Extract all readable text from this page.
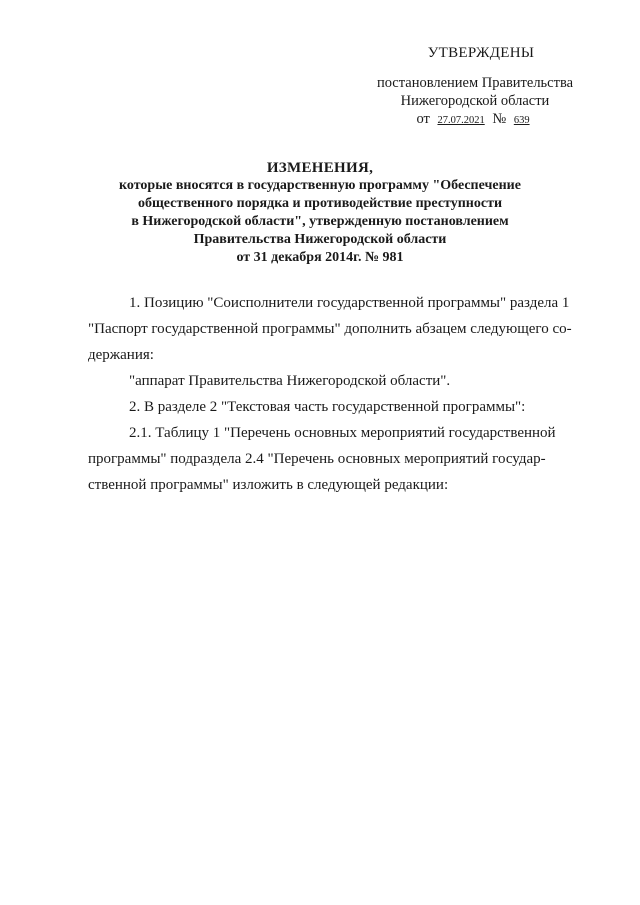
УТВЕРЖДЕНЫ
постановлением Правительства
Нижегородской области
от 27.07.2021 № 639
ИЗМЕНЕНИЯ,
которые вносятся в государственную программу "Обеспечение
общественного порядка и противодействие преступности
в Нижегородской области", утвержденную постановлением
Правительства Нижегородской области
от 31 декабря 2014г. № 981

1. Позицию "Соисполнители государственной программы" раздела 1

"Паспорт государственной программы" дополнить абзацем следующего со-

держания:

"аппарат Правительства Нижегородской области".

2. В разделе 2 "Текстовая часть государственной программы":

2.1. Таблицу 1 "Перечень основных мероприятий государственной

программы" подраздела 2.4 "Перечень основных мероприятий государ-

ственной программы" изложить в следующей редакции:
